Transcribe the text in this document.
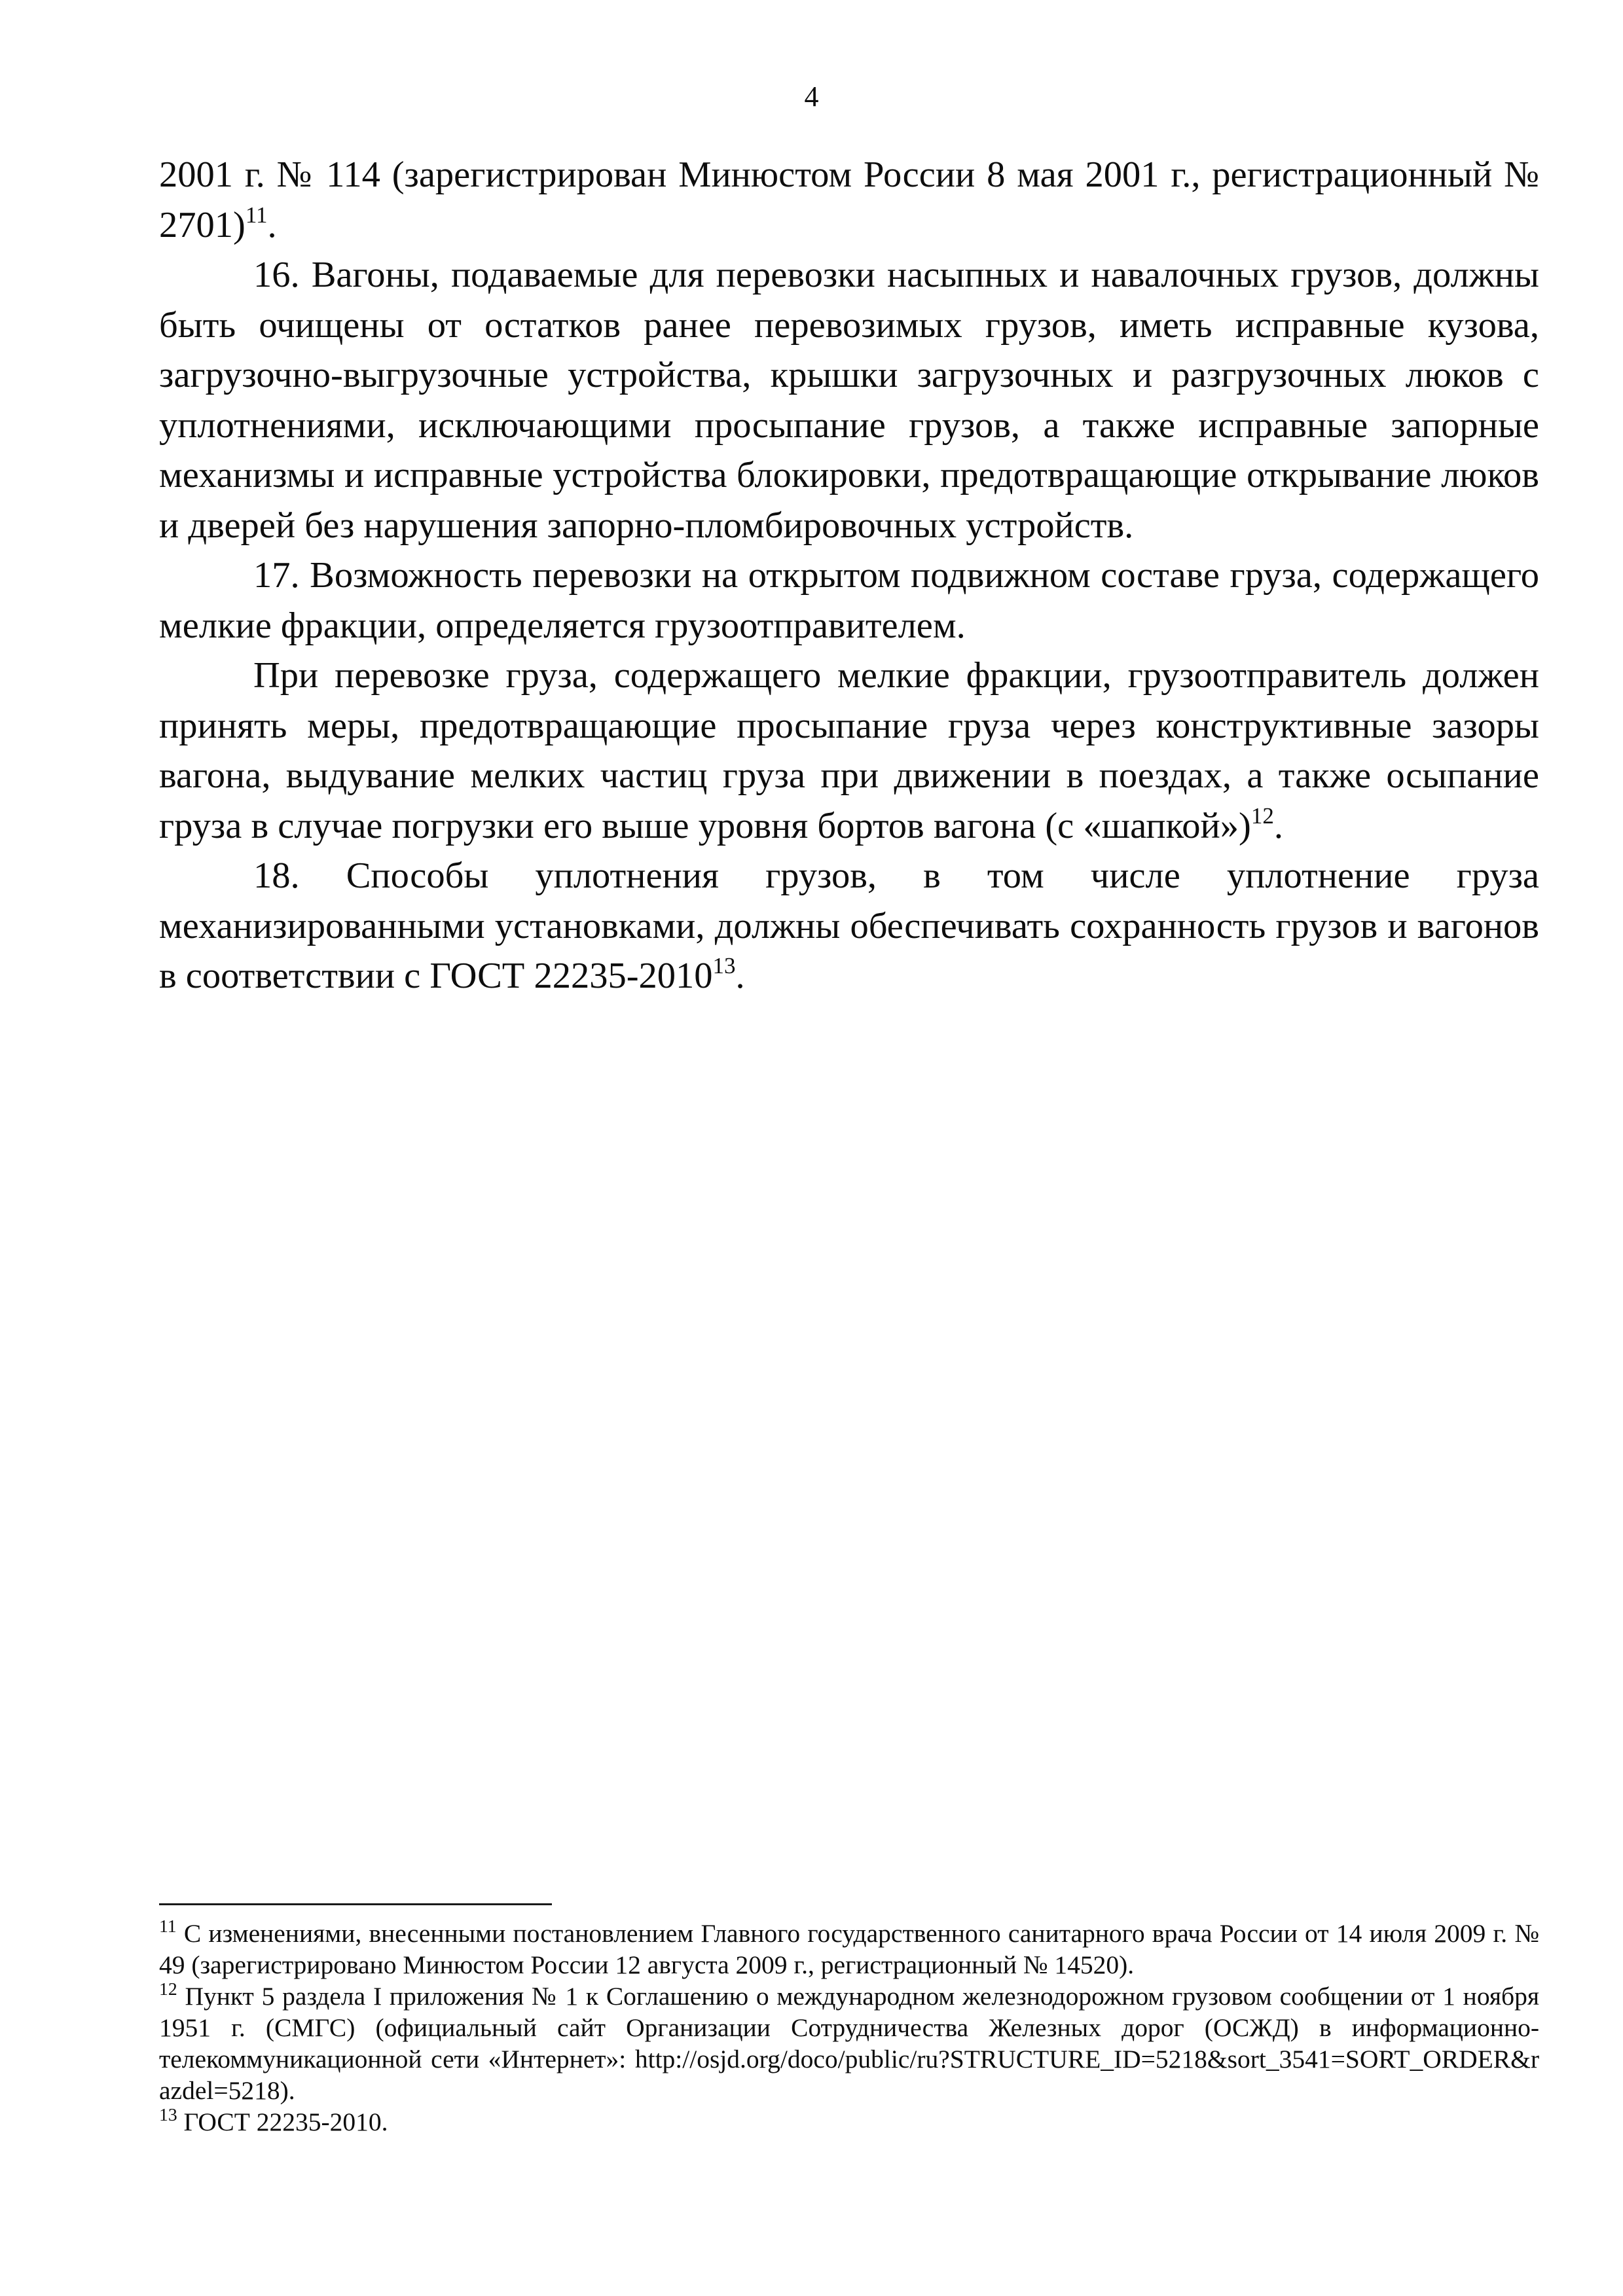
4

2001 г. № 114 (зарегистрирован Минюстом России 8 мая 2001 г., регистрационный № 2701)$^{11}$.

16. Вагоны, подаваемые для перевозки насыпных и навалочных грузов, должны быть очищены от остатков ранее перевозимых грузов, иметь исправные кузова, загрузочно-выгрузочные устройства, крышки загрузочных и разгрузочных люков с уплотнениями, исключающими просыпание грузов, а также исправные запорные механизмы и исправные устройства блокировки, предотвращающие открывание люков и дверей без нарушения запорно-пломбировочных устройств.

17. Возможность перевозки на открытом подвижном составе груза, содержащего мелкие фракции, определяется грузоотправителем.

При перевозке груза, содержащего мелкие фракции, грузоотправитель должен принять меры, предотвращающие просыпание груза через конструктивные зазоры вагона, выдувание мелких частиц груза при движении в поездах, а также осыпание груза в случае погрузки его выше уровня бортов вагона (с «шапкой»)$^{12}$.

18. Способы уплотнения грузов, в том числе уплотнение груза механизированными установками, должны обеспечивать сохранность грузов и вагонов в соответствии с ГОСТ 22235-2010$^{13}$.

$^{11}$ С изменениями, внесенными постановлением Главного государственного санитарного врача России от 14 июля 2009 г. № 49 (зарегистрировано Минюстом России 12 августа 2009 г., регистрационный № 14520).

$^{12}$ Пункт 5 раздела I приложения № 1 к Соглашению о международном железнодорожном грузовом сообщении от 1 ноября 1951 г. (СМГС) (официальный сайт Организации Сотрудничества Железных дорог (ОСЖД) в информационно-телекоммуникационной сети «Интернет»: http://osjd.org/doco/public/ru?STRUCTURE_ID=5218&sort_3541=SORT_ORDER&razdel=5218).

$^{13}$ ГОСТ 22235-2010.
